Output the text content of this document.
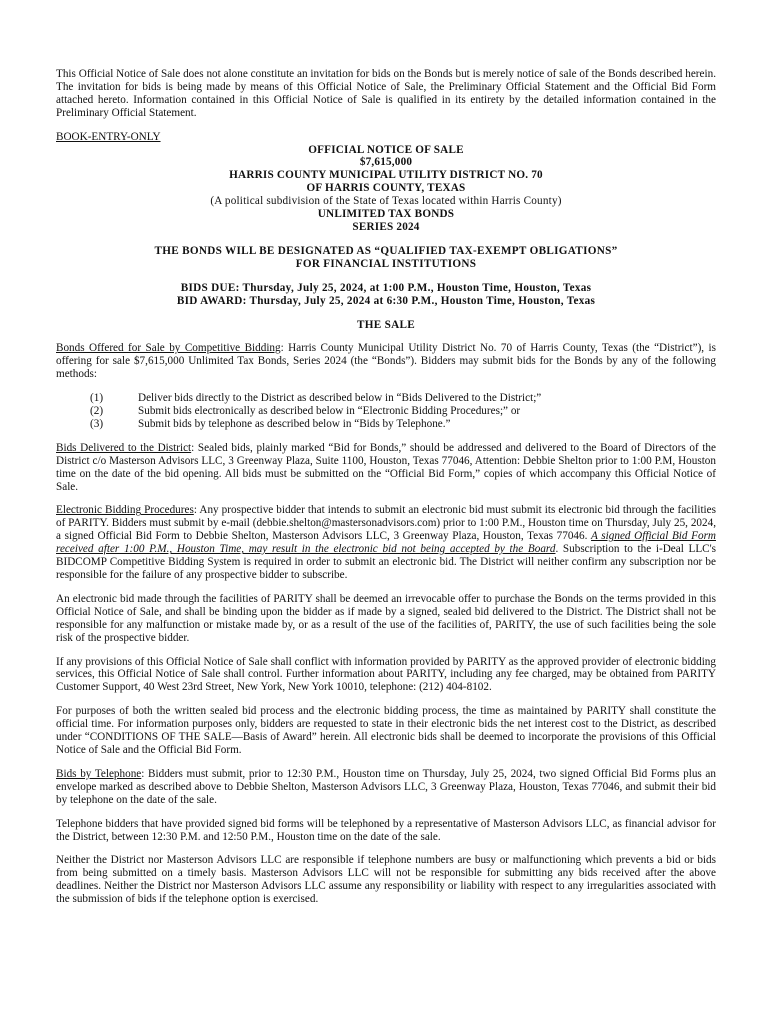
This Official Notice of Sale does not alone constitute an invitation for bids on the Bonds but is merely notice of sale of the Bonds described herein. The invitation for bids is being made by means of this Official Notice of Sale, the Preliminary Official Statement and the Official Bid Form attached hereto. Information contained in this Official Notice of Sale is qualified in its entirety by the detailed information contained in the Preliminary Official Statement.

BOOK-ENTRY-ONLY

OFFICIAL NOTICE OF SALE

$7,615,000

HARRIS COUNTY MUNICIPAL UTILITY DISTRICT NO. 70

OF HARRIS COUNTY, TEXAS

(A political subdivision of the State of Texas located within Harris County)

UNLIMITED TAX BONDS

SERIES 2024

THE BONDS WILL BE DESIGNATED AS “QUALIFIED TAX-EXEMPT OBLIGATIONS”

FOR FINANCIAL INSTITUTIONS

BIDS DUE: Thursday, July 25, 2024, at 1:00 P.M., Houston Time, Houston, Texas

BID AWARD: Thursday, July 25, 2024 at 6:30 P.M., Houston Time, Houston, Texas

THE SALE

Bonds Offered for Sale by Competitive Bidding: Harris County Municipal Utility District No. 70 of Harris County, Texas (the “District”), is offering for sale $7,615,000 Unlimited Tax Bonds, Series 2024 (the “Bonds”). Bidders may submit bids for the Bonds by any of the following methods:

(1)	Deliver bids directly to the District as described below in “Bids Delivered to the District;”
(2)	Submit bids electronically as described below in “Electronic Bidding Procedures;” or
(3)	Submit bids by telephone as described below in “Bids by Telephone.”

Bids Delivered to the District: Sealed bids, plainly marked “Bid for Bonds,” should be addressed and delivered to the Board of Directors of the District c/o Masterson Advisors LLC, 3 Greenway Plaza, Suite 1100, Houston, Texas 77046, Attention: Debbie Shelton prior to 1:00 P.M, Houston time on the date of the bid opening. All bids must be submitted on the “Official Bid Form,” copies of which accompany this Official Notice of Sale.

Electronic Bidding Procedures: Any prospective bidder that intends to submit an electronic bid must submit its electronic bid through the facilities of PARITY. Bidders must submit by e-mail (debbie.shelton@mastersonadvisors.com) prior to 1:00 P.M., Houston time on Thursday, July 25, 2024, a signed Official Bid Form to Debbie Shelton, Masterson Advisors LLC, 3 Greenway Plaza, Houston, Texas 77046. A signed Official Bid Form received after 1:00 P.M., Houston Time, may result in the electronic bid not being accepted by the Board. Subscription to the i-Deal LLC's BIDCOMP Competitive Bidding System is required in order to submit an electronic bid. The District will neither confirm any subscription nor be responsible for the failure of any prospective bidder to subscribe.

An electronic bid made through the facilities of PARITY shall be deemed an irrevocable offer to purchase the Bonds on the terms provided in this Official Notice of Sale, and shall be binding upon the bidder as if made by a signed, sealed bid delivered to the District. The District shall not be responsible for any malfunction or mistake made by, or as a result of the use of the facilities of, PARITY, the use of such facilities being the sole risk of the prospective bidder.

If any provisions of this Official Notice of Sale shall conflict with information provided by PARITY as the approved provider of electronic bidding services, this Official Notice of Sale shall control. Further information about PARITY, including any fee charged, may be obtained from PARITY Customer Support, 40 West 23rd Street, New York, New York 10010, telephone: (212) 404-8102.

For purposes of both the written sealed bid process and the electronic bidding process, the time as maintained by PARITY shall constitute the official time. For information purposes only, bidders are requested to state in their electronic bids the net interest cost to the District, as described under “CONDITIONS OF THE SALE—Basis of Award” herein. All electronic bids shall be deemed to incorporate the provisions of this Official Notice of Sale and the Official Bid Form.

Bids by Telephone: Bidders must submit, prior to 12:30 P.M., Houston time on Thursday, July 25, 2024, two signed Official Bid Forms plus an envelope marked as described above to Debbie Shelton, Masterson Advisors LLC, 3 Greenway Plaza, Houston, Texas 77046, and submit their bid by telephone on the date of the sale.

Telephone bidders that have provided signed bid forms will be telephoned by a representative of Masterson Advisors LLC, as financial advisor for the District, between 12:30 P.M. and 12:50 P.M., Houston time on the date of the sale.

Neither the District nor Masterson Advisors LLC are responsible if telephone numbers are busy or malfunctioning which prevents a bid or bids from being submitted on a timely basis. Masterson Advisors LLC will not be responsible for submitting any bids received after the above deadlines. Neither the District nor Masterson Advisors LLC assume any responsibility or liability with respect to any irregularities associated with the submission of bids if the telephone option is exercised.
